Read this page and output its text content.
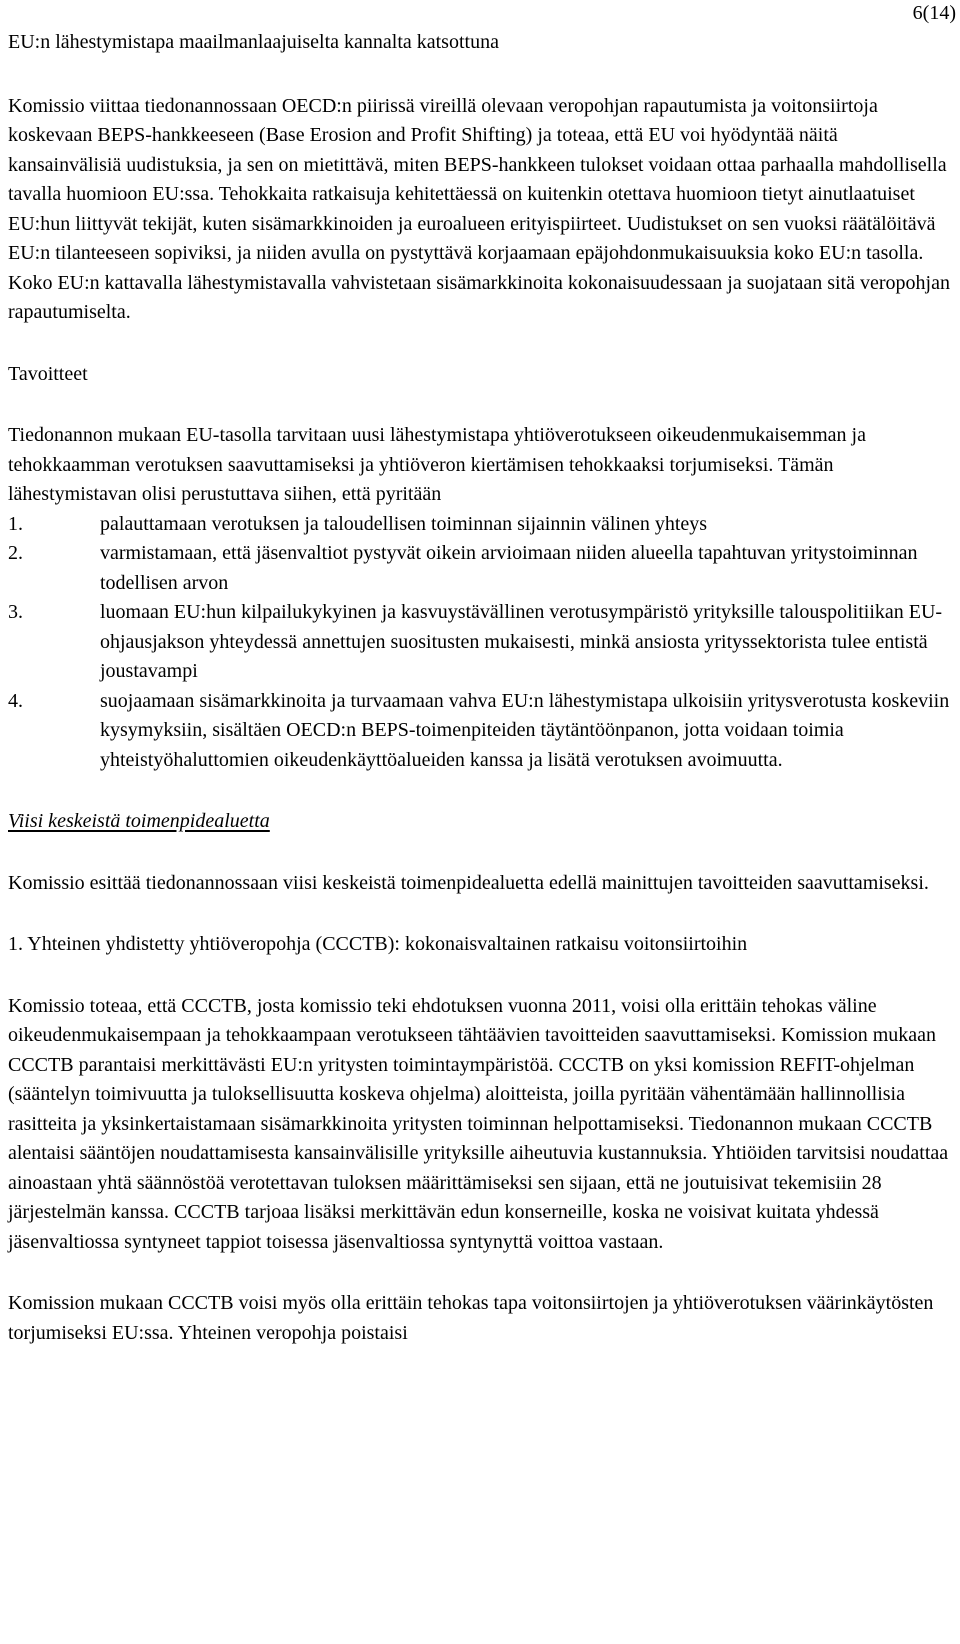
6(14)

EU:n lähestymistapa maailmanlaajuiselta kannalta katsottuna

Komissio viittaa tiedonannossaan OECD:n piirissä vireillä olevaan veropohjan rapautumista ja voitonsiirtoja koskevaan BEPS-hankkeeseen (Base Erosion and Profit Shifting) ja toteaa, että EU voi hyödyntää näitä kansainvälisiä uudistuksia, ja sen on mietittävä, miten BEPS-hankkeen tulokset voidaan ottaa parhaalla mahdollisella tavalla huomioon EU:ssa. Tehokkaita ratkaisuja kehitettäessä on kuitenkin otettava huomioon tietyt ainutlaatuiset EU:hun liittyvät tekijät, kuten sisämarkkinoiden ja euroalueen erityispiirteet. Uudistukset on sen vuoksi räätälöitävä EU:n tilanteeseen sopiviksi, ja niiden avulla on pystyttävä korjaamaan epäjohdonmukaisuuksia koko EU:n tasolla. Koko EU:n kattavalla lähestymistavalla vahvistetaan sisämarkkinoita kokonaisuudessaan ja suojataan sitä veropohjan rapautumiselta.

Tavoitteet

Tiedonannon mukaan EU-tasolla tarvitaan uusi lähestymistapa yhtiöverotukseen oikeudenmukaisemman ja tehokkaamman verotuksen saavuttamiseksi ja yhtiöveron kiertämisen tehokkaaksi torjumiseksi. Tämän lähestymistavan olisi perustuttava siihen, että pyritään

1.	palauttamaan verotuksen ja taloudellisen toiminnan sijainnin välinen yhteys
2.	varmistamaan, että jäsenvaltiot pystyvät oikein arvioimaan niiden alueella tapahtuvan yritystoiminnan todellisen arvon
3.	luomaan EU:hun kilpailukykyinen ja kasvuystävällinen verotusympäristö yrityksille talouspolitiikan EU-ohjausjakson yhteydessä annettujen suositusten mukaisesti, minkä ansiosta yrityssektorista tulee entistä joustavampi
4.	suojaamaan sisämarkkinoita ja turvaamaan vahva EU:n lähestymistapa ulkoisiin yritysverotusta koskeviin kysymyksiin, sisältäen OECD:n BEPS-toimenpiteiden täytäntöönpanon, jotta voidaan toimia yhteistyöhaluttomien oikeudenkäyttöalueiden kanssa ja lisätä verotuksen avoimuutta.

Viisi keskeistä toimenpidealuetta

Komissio esittää tiedonannossaan viisi keskeistä toimenpidealuetta edellä mainittujen tavoitteiden saavuttamiseksi.

1. Yhteinen yhdistetty yhtiöveropohja (CCCTB): kokonaisvaltainen ratkaisu voitonsiirtoihin

Komissio toteaa, että CCCTB, josta komissio teki ehdotuksen vuonna 2011, voisi olla erittäin tehokas väline oikeudenmukaisempaan ja tehokkaampaan verotukseen tähtäävien tavoitteiden saavuttamiseksi. Komission mukaan CCCTB parantaisi merkittävästi EU:n yritysten toimintaympäristöä. CCCTB on yksi komission REFIT-ohjelman (sääntelyn toimivuutta ja tuloksellisuutta koskeva ohjelma) aloitteista, joilla pyritään vähentämään hallinnollisia rasitteita ja yksinkertaistamaan sisämarkkinoita yritysten toiminnan helpottamiseksi. Tiedonannon mukaan CCCTB alentaisi sääntöjen noudattamisesta kansainvälisille yrityksille aiheutuvia kustannuksia. Yhtiöiden tarvitsisi noudattaa ainoastaan yhtä säännöstöä verotettavan tuloksen määrittämiseksi sen sijaan, että ne joutuisivat tekemisiin 28 järjestelmän kanssa. CCCTB tarjoaa lisäksi merkittävän edun konserneille, koska ne voisivat kuitata yhdessä jäsenvaltiossa syntyneet tappiot toisessa jäsenvaltiossa syntynyttä voittoa vastaan.

Komission mukaan CCCTB voisi myös olla erittäin tehokas tapa voitonsiirtojen ja yhtiöverotuksen väärinkäytösten torjumiseksi EU:ssa. Yhteinen veropohja poistaisi
